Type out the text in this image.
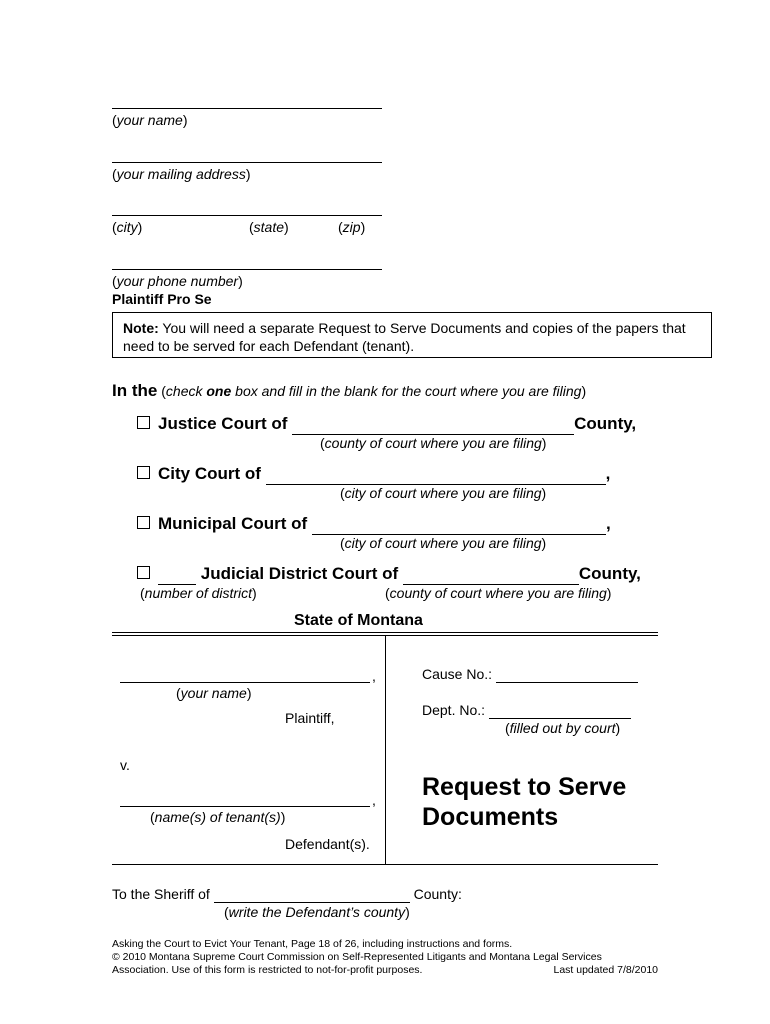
(your name)
(your mailing address)
(city)	(state)	(zip)
(your phone number)
Plaintiff Pro Se
Note: You will need a separate Request to Serve Documents and copies of the papers that need to be served for each Defendant (tenant).
In the (check one box and fill in the blank for the court where you are filing)
Justice Court of	County,
(county of court where you are filing)
City Court of	,
(city of court where you are filing)
Municipal Court of	,
(city of court where you are filing)
Judicial District Court of	County,
(number of district)	(county of court where you are filing)
State of Montana
,
(your name)
Plaintiff,
v.
,
(name(s) of tenant(s))
Defendant(s).
Cause No.:
Dept. No.:
(filled out by court)
Request to Serve
Documents
To the Sheriff of	County:
(write the Defendant’s county)
Asking the Court to Evict Your Tenant, Page 18 of 26, including instructions and forms.
© 2010 Montana Supreme Court Commission on Self-Represented Litigants and Montana Legal Services
Association. Use of this form is restricted to not-for-profit purposes.	Last updated 7/8/2010
